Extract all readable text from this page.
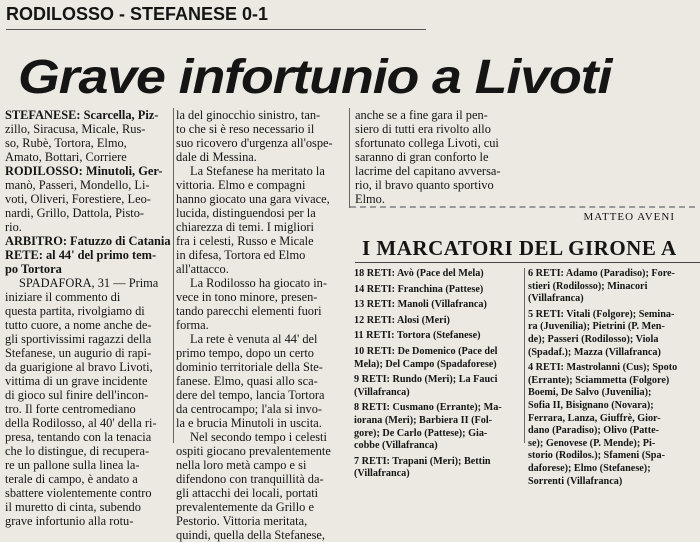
RODILOSSO - STEFANESE 0-1
Grave infortunio a Livoti
STEFANESE: Scarcella, Piz-
zillo, Siracusa, Micale, Rus-
so, Rubè, Tortora, Elmo,
Amato, Bottari, Corriere
RODILOSSO: Minutoli, Ger-
manò, Passeri, Mondello, Li-
voti, Oliveri, Forestiere, Leo-
nardi, Grillo, Dattola, Pisto-
rio.
ARBITRO: Fatuzzo di Catania
RETE: al 44' del primo tem-
po Tortora
SPADAFORA, 31 — Prima
iniziare il commento di
questa partita, rivolgiamo di
tutto cuore, a nome anche de-
gli sportivissimi ragazzi della
Stefanese, un augurio di rapi-
da guarigione al bravo Livoti,
vittima di un grave incidente
di gioco sul finire dell'incon-
tro. Il forte centromediano
della Rodilosso, al 40' della ri-
presa, tentando con la tenacia
che lo distingue, di recupera-
re un pallone sulla linea la-
terale di campo, è andato a
sbattere violentemente contro
il muretto di cinta, subendo
grave infortunio alla rotu-
la del ginocchio sinistro, tan-
to che si è reso necessario il
suo ricovero d'urgenza all'ospe-
dale di Messina.
La Stefanese ha meritato la
vittoria. Elmo e compagni
hanno giocato una gara vivace,
lucida, distinguendosi per la
chiarezza di temi. I migliori
fra i celesti, Russo e Micale
in difesa, Tortora ed Elmo
all'attacco.
La Rodilosso ha giocato in-
vece in tono minore, presen-
tando parecchi elementi fuori
forma.
La rete è venuta al 44' del
primo tempo, dopo un certo
dominio territoriale della Ste-
fanese. Elmo, quasi allo sca-
dere del tempo, lancia Tortora
da centrocampo; l'ala si invo-
la e brucia Minutoli in uscita.
Nel secondo tempo i celesti
ospiti giocano prevalentemente
nella loro metà campo e si
difendono con tranquillità da-
gli attacchi dei locali, portati
prevalentemente da Grillo e
Pestorio. Vittoria meritata,
quindi, quella della Stefanese,
anche se a fine gara il pen-
siero di tutti era rivolto allo
sfortunato collega Livoti, cui
saranno di gran conforto le
lacrime del capitano avversa-
rio, il bravo quanto sportivo
Elmo.
MATTEO AVENI
I MARCATORI DEL GIRONE A
18 RETI: Avò (Pace del Mela)
14 RETI: Franchina (Pattese)
13 RETI: Manoli (Villafranca)
12 RETI: Alosi (Meri)
11 RETI: Tortora (Stefanese)
10 RETI: De Domenico (Pace del
Mela); Del Campo (Spadaforese)
9 RETI: Rundo (Meri); La Fauci
(Villafranca)
8 RETI: Cusmano (Errante); Ma-
iorana (Meri); Barbiera II (Fol-
gore); De Carlo (Pattese); Gia-
cobbe (Villafranca)
7 RETI: Trapani (Meri); Bettin
(Villafranca)
6 RETI: Adamo (Paradiso); Fore-
stieri (Rodilosso); Minacori
(Villafranca)
5 RETI: Vitali (Folgore); Semina-
ra (Juvenilia); Pietrini (P. Men-
de); Passeri (Rodilosso); Viola
(Spadaf.); Mazza (Villafranca)
4 RETI: Mastrolanni (Cus); Spoto
(Errante); Sciammetta (Folgore)
Boemi, De Salvo (Juvenilia);
Sofia II, Bisignano (Novara);
Ferrara, Lanza, Giuffrè, Gior-
dano (Paradiso); Olivo (Patte-
se); Genovese (P. Mende); Pi-
storio (Rodilos.); Sfameni (Spa-
daforese); Elmo (Stefanese);
Sorrenti (Villafranca)
